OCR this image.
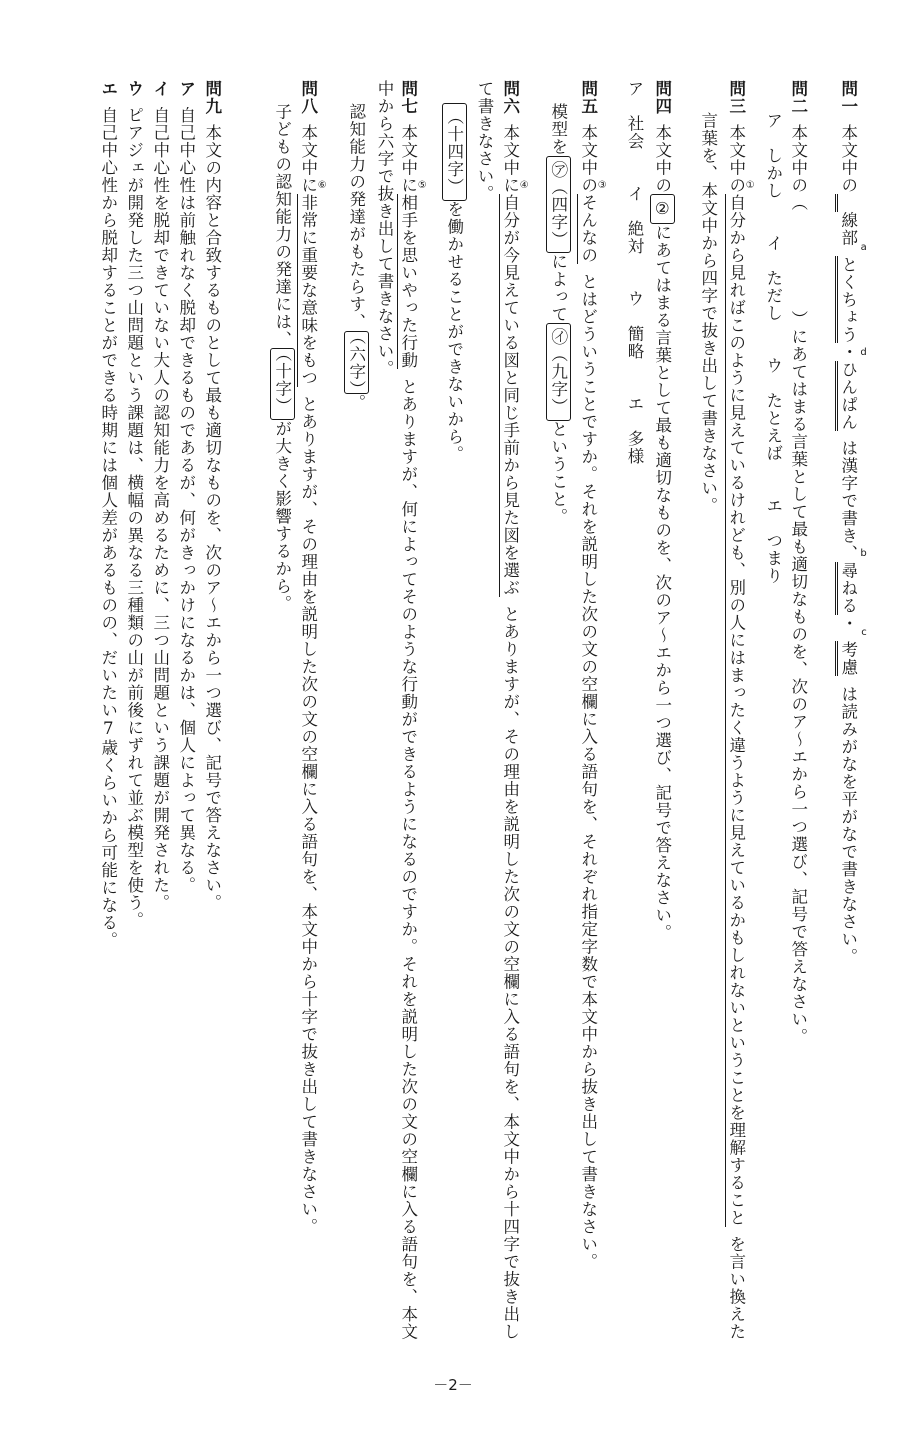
問一本文中の　線部とくちょう
a
・ひんぱん
d
は漢字で書き、尋ねる
b
・考慮
c
は読みがなを平がなで書きなさい。
問二本文中の（）にあてはまる言葉として最も適切なものを、次のア～エから一つ選び、記号で答えなさい。
ア　しかし　　イ　ただし　　ウ　たとえば　　エ　つまり
問三本文中の自分から見ればこのように見えているけれども、別の人にはまったく違うように見えているかもしれないということを理解すること
①
を言い換えた
言葉を、本文中から四字で抜き出して書きなさい。
問四本文中の②にあてはまる言葉として最も適切なものを、次のア～エから一つ選び、記号で答えなさい。
ア　社会　　イ　絶対　　ウ　簡略　　エ　多様
問五本文中のそんなの
③
とはどういうことですか。それを説明した次の文の空欄に入る語句を、それぞれ指定字数で本文中から抜き出して書きなさい。
模型を㋐（四字）によって㋑（九字）ということ。
問六本文中に自分が今見えている図と同じ手前から見た図を選ぶ
④
とありますが、その理由を説明した次の文の空欄に入る語句を、本文中から十四字で抜き出し
て書きなさい。
（十四字）を働かせることができないから。
問七本文中に相手を思いやった行動
⑤
とありますが、何によってそのような行動ができるようになるのですか。それを説明した次の文の空欄に入る語句を、本文
中から六字で抜き出して書きなさい。
認知能力の発達がもたらす、（六字）。
問八本文中に非常に重要な意味をもつ
⑥
とありますが、その理由を説明した次の文の空欄に入る語句を、本文中から十字で抜き出して書きなさい。
子どもの認知能力の発達には、（十字）が大きく影響するから。
問九本文の内容と合致するものとして最も適切なものを、次のア～エから一つ選び、記号で答えなさい。
ア自己中心性は前触れなく脱却できるものであるが、何がきっかけになるかは、個人によって異なる。
イ自己中心性を脱却できていない大人の認知能力を高めるために、三つ山問題という課題が開発された。
ウピアジェが開発した三つ山問題という課題は、横幅の異なる三種類の山が前後にずれて並ぶ模型を使う。
エ自己中心性から脱却することができる時期には個人差があるものの、だいたい7歳くらいから可能になる。
－2－
